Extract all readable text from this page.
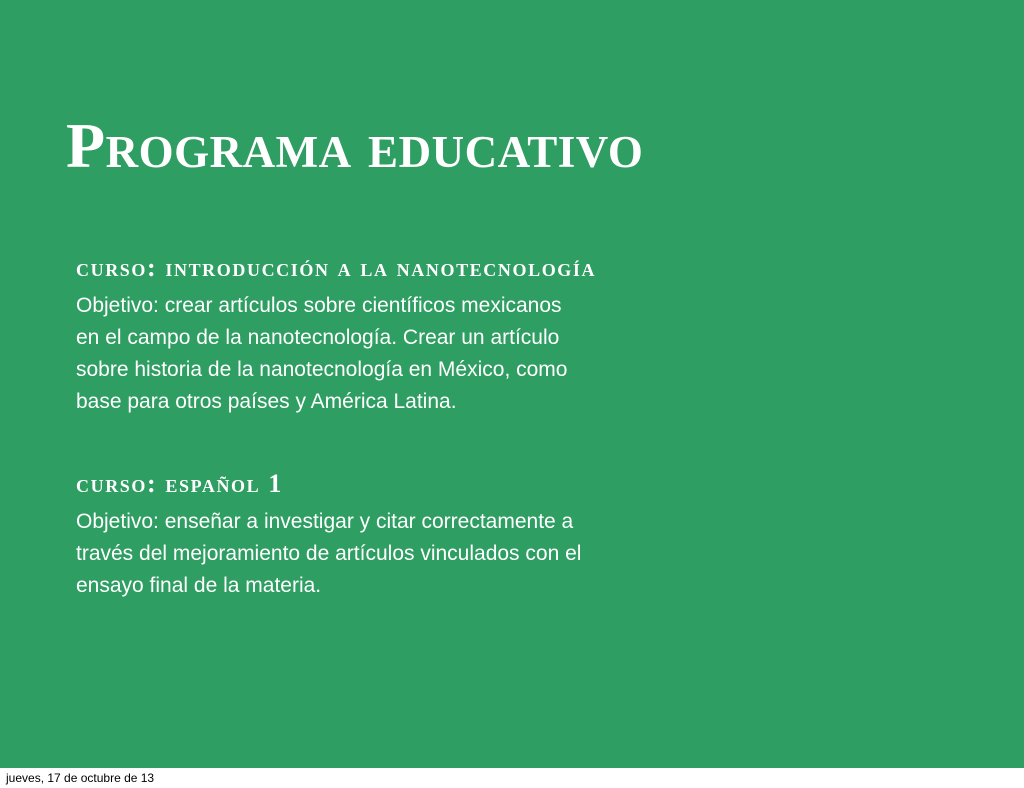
Programa educativo
curso: introducción a la nanotecnología

Objetivo: crear artículos sobre científicos mexicanos
en el campo de la nanotecnología. Crear un artículo
sobre historia de la nanotecnología en México, como
base para otros países y América Latina.

curso: español 1

Objetivo: enseñar a investigar y citar correctamente a
través del mejoramiento de artículos vinculados con el
ensayo final de la materia.

jueves, 17 de octubre de 13
